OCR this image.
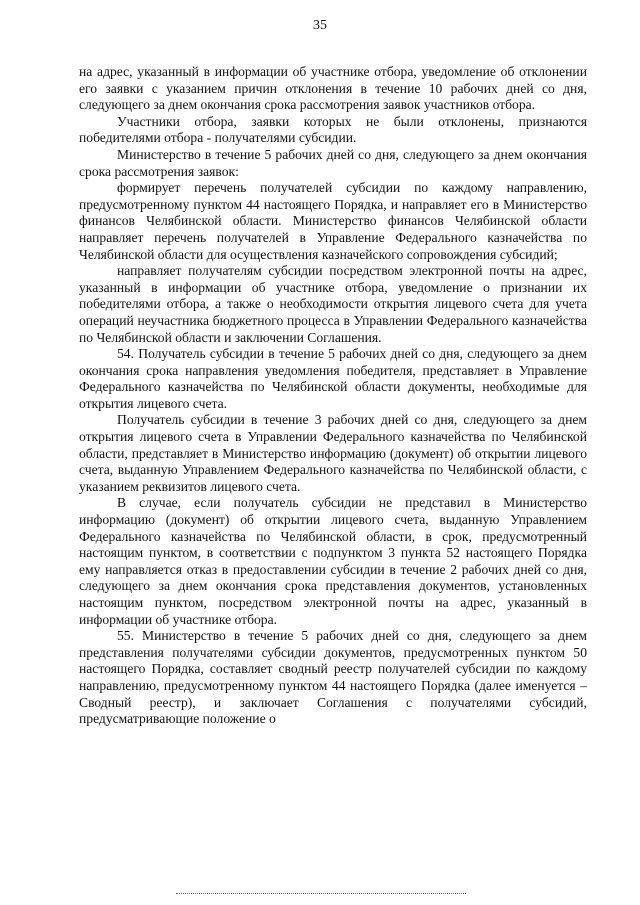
35

на адрес, указанный в информации об участнике отбора, уведомление об отклонении его заявки с указанием причин отклонения в течение 10 рабочих дней со дня, следующего за днем окончания срока рассмотрения заявок участников отбора.

Участники отбора, заявки которых не были отклонены, признаются победителями отбора - получателями субсидии.

Министерство в течение 5 рабочих дней со дня, следующего за днем окончания срока рассмотрения заявок:

формирует перечень получателей субсидии по каждому направлению, предусмотренному пунктом 44 настоящего Порядка, и направляет его в Министерство финансов Челябинской области. Министерство финансов Челябинской области направляет перечень получателей в Управление Федерального казначейства по Челябинской области для осуществления казначейского сопровождения субсидий;

направляет получателям субсидии посредством электронной почты на адрес, указанный в информации об участнике отбора, уведомление о признании их победителями отбора, а также о необходимости открытия лицевого счета для учета операций неучастника бюджетного процесса в Управлении Федерального казначейства по Челябинской области и заключении Соглашения.

54. Получатель субсидии в течение 5 рабочих дней со дня, следующего за днем окончания срока направления уведомления победителя, представляет в Управление Федерального казначейства по Челябинской области документы, необходимые для открытия лицевого счета.

Получатель субсидии в течение 3 рабочих дней со дня, следующего за днем открытия лицевого счета в Управлении Федерального казначейства по Челябинской области, представляет в Министерство информацию (документ) об открытии лицевого счета, выданную Управлением Федерального казначейства по Челябинской области, с указанием реквизитов лицевого счета.

В случае, если получатель субсидии не представил в Министерство информацию (документ) об открытии лицевого счета, выданную Управлением Федерального казначейства по Челябинской области, в срок, предусмотренный настоящим пунктом, в соответствии с подпунктом 3 пункта 52 настоящего Порядка ему направляется отказ в предоставлении субсидии в течение 2 рабочих дней со дня, следующего за днем окончания срока представления документов, установленных настоящим пунктом, посредством электронной почты на адрес, указанный в информации об участнике отбора.

55. Министерство в течение 5 рабочих дней со дня, следующего за днем представления получателями субсидии документов, предусмотренных пунктом 50 настоящего Порядка, составляет сводный реестр получателей субсидии по каждому направлению, предусмотренному пунктом 44 настоящего Порядка (далее именуется – Сводный реестр), и заключает Соглашения с получателями субсидий, предусматривающие положение о
